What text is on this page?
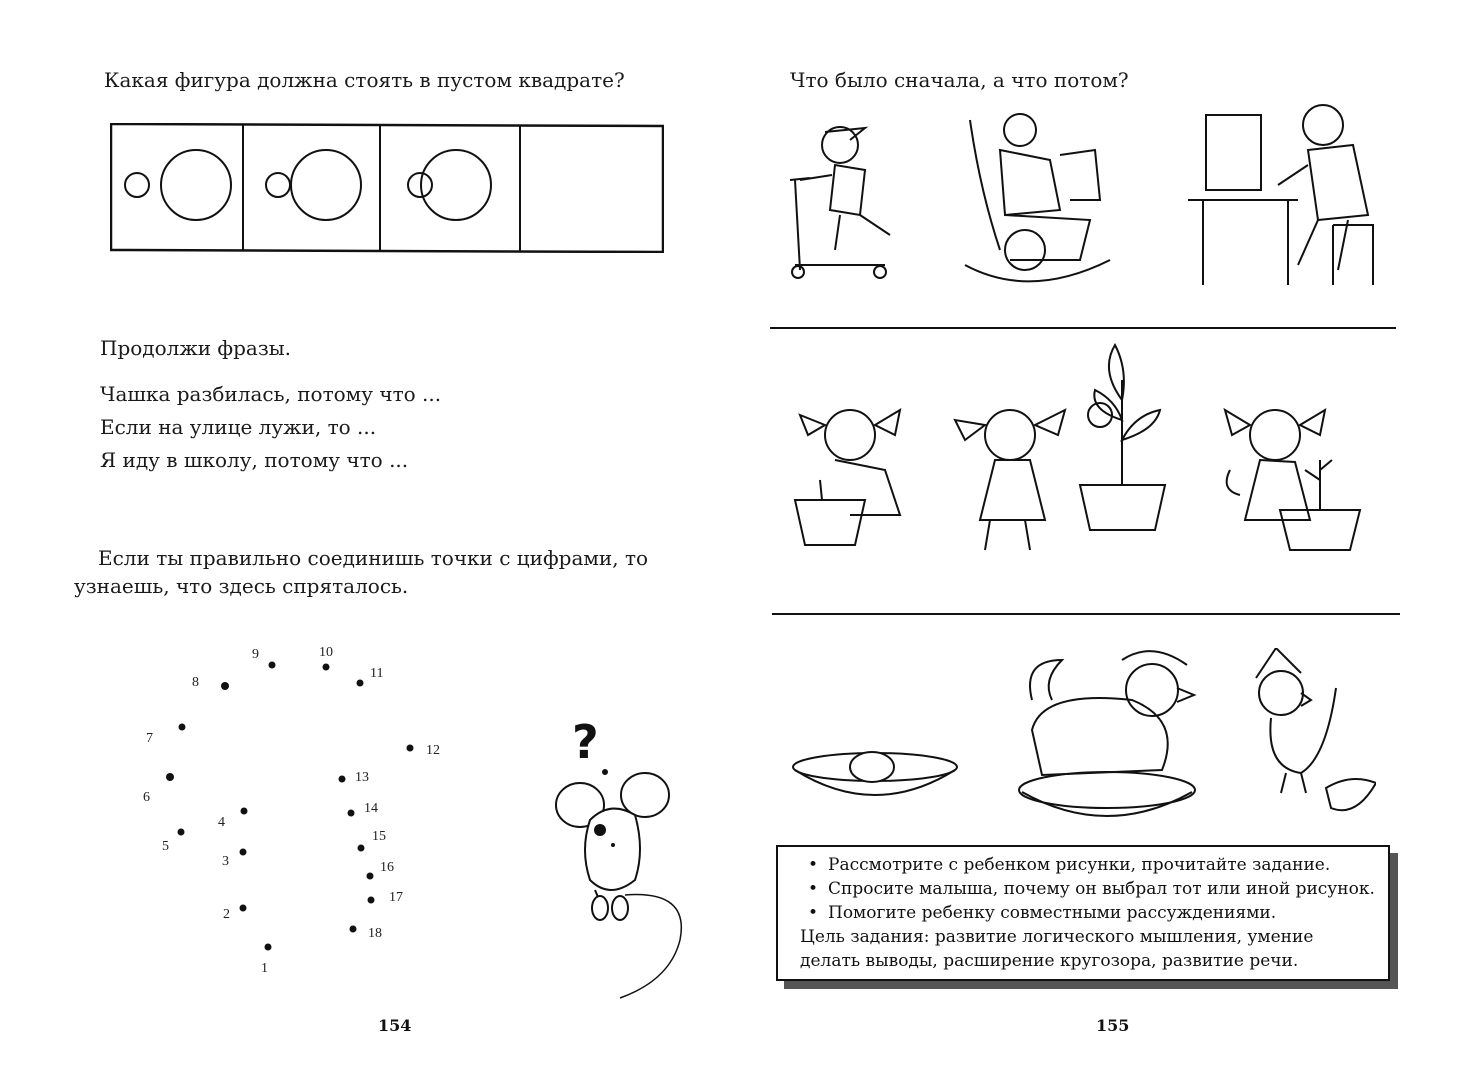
Какая фигура должна стоять в пустом квадрате?
Продолжи фразы.
Чашка разбилась, потому что ...
Если на улице лужи, то ...
Я иду в школу, потому что ...
Если ты правильно соединишь точки с цифрами, то
узнаешь, что здесь спряталось.
1
2
3
4
5
6
7
8
9	10
11
12
13
14
15
16
17
18
?
154
Что было сначала, а что потом?
• Рассмотрите с ребенком рисунки, прочитайте задание.
• Спросите малыша, почему он выбрал тот или иной рисунок.
• Помогите ребенку совместными рассуждениями.

Цель задания: развитие логического мышления, умение делать выводы, расширение кругозора, развитие речи.

155
